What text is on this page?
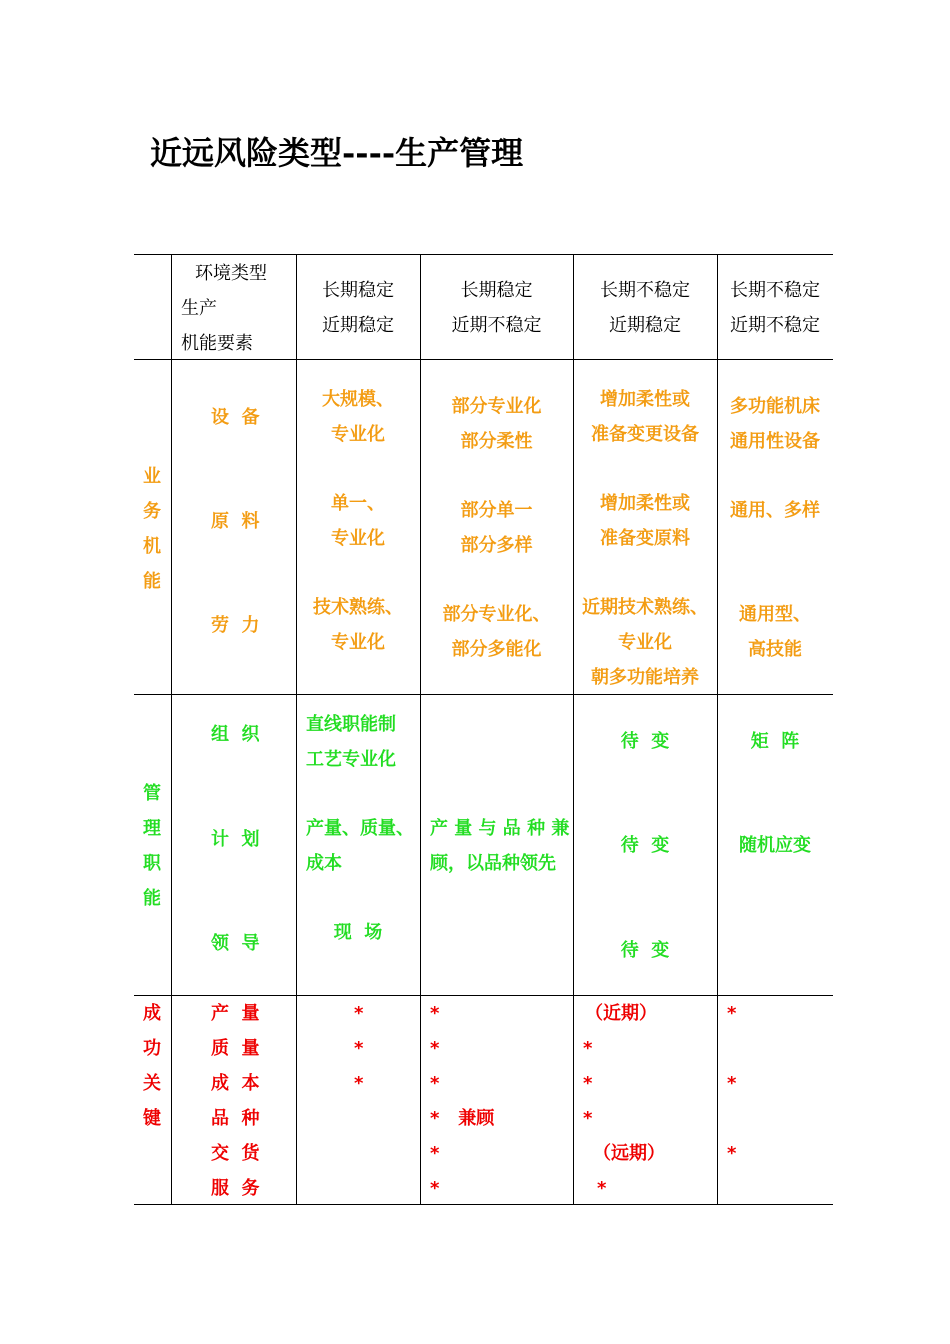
近远风险类型----生产管理
环境类型
生产
机能要素
长期稳定
近期稳定
长期稳定
近期不稳定
长期不稳定
近期稳定
长期不稳定
近期不稳定
业
务
机
能
设  备
大规模、
专业化
部分专业化
部分柔性
增加柔性或
准备变更设备
多功能机床
通用性设备
原  料
单一、
专业化
部分单一
部分多样
增加柔性或
准备变原料
通用、多样
劳  力
技术熟练、
专业化
部分专业化、
部分多能化
近期技术熟练、
专业化
朝多功能培养
通用型、
高技能
管
理
职
能
组  织
计  划
领  导
直线职能制
工艺专业化
产量、质量、
成本
现  场
产 量 与 品 种 兼
顾，以品种领先
待  变
待  变
待  变
矩  阵
随机应变
成
功
关
键
产  量
质  量
成  本
品  种
交  货
服  务
*
*
*
*
*
*
*   兼顾
*
*
（近期）
*
*
*
（远期）
*
*
*
*
